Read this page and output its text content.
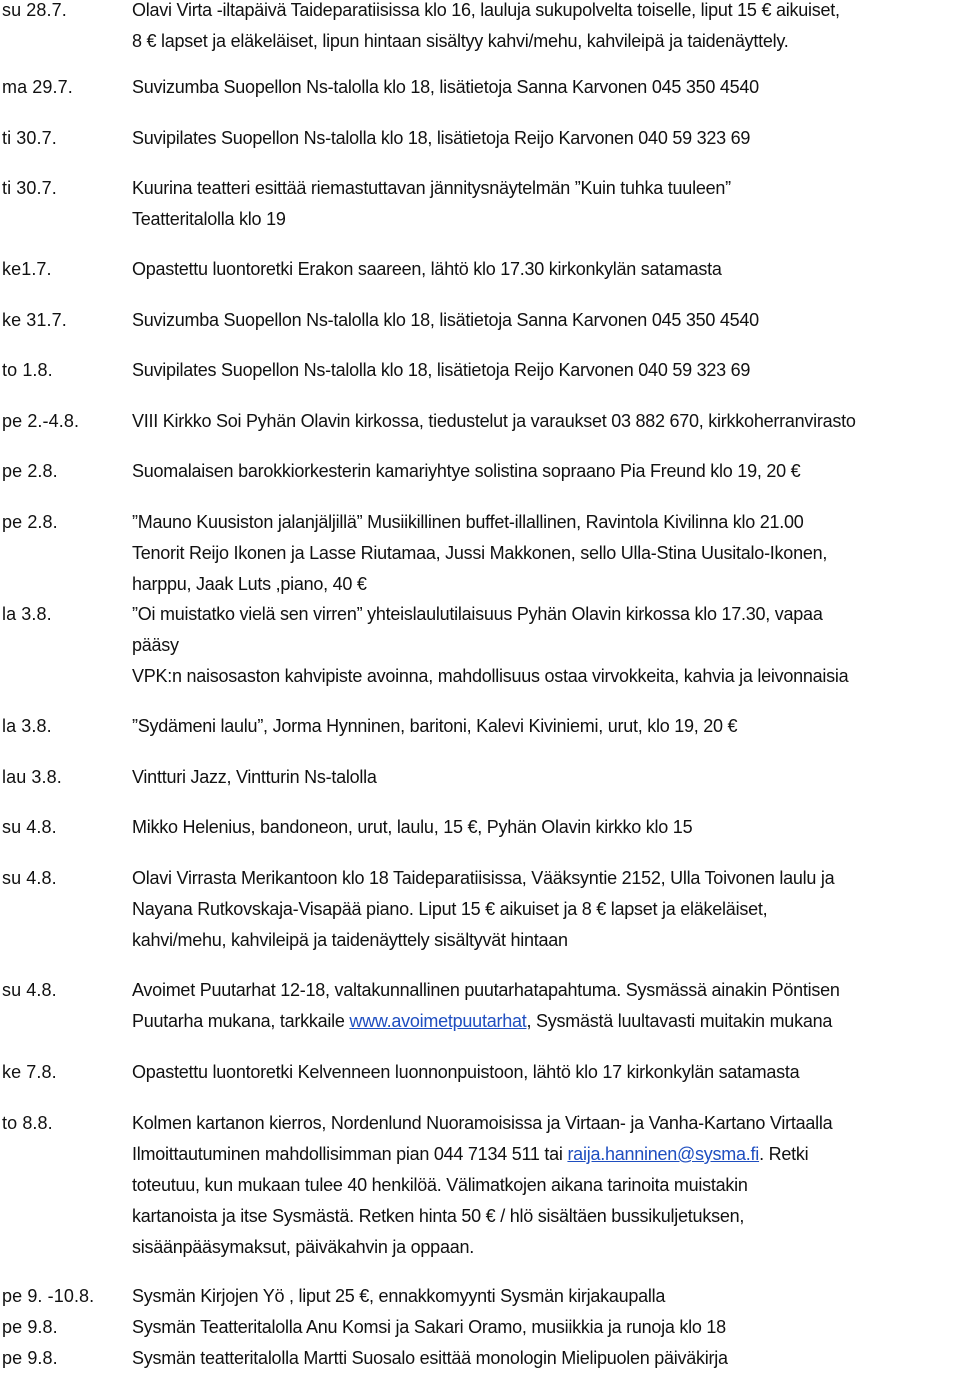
su 28.7.	Olavi Virta -iltapäivä Taideparatiisissa klo 16, lauluja sukupolvelta toiselle, liput 15 € aikuiset,
8 € lapset ja eläkeläiset, lipun hintaan sisältyy kahvi/mehu, kahvileipä ja taidenäyttely.
ma 29.7.	Suvizumba Suopellon Ns-talolla klo 18, lisätietoja Sanna Karvonen 045 350 4540
ti 30.7.	Suvipilates Suopellon Ns-talolla klo 18, lisätietoja Reijo Karvonen 040 59 323 69
ti 30.7.	Kuurina teatteri esittää riemastuttavan jännitysnäytelmän ”Kuin tuhka tuuleen”
Teatteritalolla klo 19
ke1.7.	Opastettu luontoretki Erakon saareen, lähtö klo 17.30 kirkonkylän satamasta
ke 31.7.	Suvizumba Suopellon Ns-talolla klo 18, lisätietoja Sanna Karvonen 045 350 4540
to 1.8.	Suvipilates Suopellon Ns-talolla klo 18, lisätietoja Reijo Karvonen 040 59 323 69
pe 2.-4.8.	VIII Kirkko Soi Pyhän Olavin kirkossa, tiedustelut ja varaukset 03 882 670, kirkkoherranvirasto
pe 2.8.	Suomalaisen barokkiorkesterin kamariyhtye solistina sopraano Pia Freund klo 19, 20 €
pe 2.8.	”Mauno Kuusiston jalanjäljillä” Musiikillinen buffet-illallinen, Ravintola Kivilinna klo 21.00
Tenorit Reijo Ikonen ja Lasse Riutamaa, Jussi Makkonen, sello Ulla-Stina Uusitalo-Ikonen,
harppu, Jaak Luts ,piano, 40 €
la 3.8.	”Oi muistatko vielä sen virren” yhteislaulutilaisuus Pyhän Olavin kirkossa klo 17.30, vapaa
pääsy
VPK:n naisosaston kahvipiste avoinna, mahdollisuus ostaa virvokkeita, kahvia ja leivonnaisia
la 3.8.	”Sydämeni laulu”, Jorma Hynninen, baritoni, Kalevi Kiviniemi, urut, klo 19, 20 €
lau 3.8.	Vintturi Jazz, Vintturin Ns-talolla
su 4.8.	Mikko Helenius, bandoneon, urut, laulu, 15 €, Pyhän Olavin kirkko klo 15
su 4.8.	Olavi Virrasta Merikantoon klo 18 Taideparatiisissa, Vääksyntie 2152, Ulla Toivonen laulu ja
Nayana Rutkovskaja-Visapää piano. Liput 15 € aikuiset ja 8 € lapset ja eläkeläiset,
kahvi/mehu, kahvileipä ja taidenäyttely sisältyvät hintaan
su 4.8.	Avoimet Puutarhat 12-18, valtakunnallinen puutarhatapahtuma. Sysmässä ainakin Pöntisen
Puutarha mukana, tarkkaile www.avoimetpuutarhat, Sysmästä luultavasti muitakin mukana
ke 7.8.	Opastettu luontoretki Kelvenneen luonnonpuistoon, lähtö klo 17 kirkonkylän satamasta
to 8.8.	Kolmen kartanon kierros, Nordenlund Nuoramoisissa ja Virtaan- ja Vanha-Kartano Virtaalla
Ilmoittautuminen mahdollisimman pian 044 7134 511 tai raija.hanninen@sysma.fi. Retki
toteutuu, kun mukaan tulee 40 henkilöä. Välimatkojen aikana tarinoita muistakin
kartanoista ja itse Sysmästä. Retken hinta 50 € / hlö sisältäen bussikuljetuksen,
sisäänpääsymaksut, päiväkahvin ja oppaan.
pe 9. -10.8. Sysmän Kirjojen Yö , liput 25 €, ennakkomyynti Sysmän kirjakaupalla
pe 9.8.	Sysmän Teatteritalolla Anu Komsi ja Sakari Oramo, musiikkia ja runoja klo 18
pe 9.8.	Sysmän teatteritalolla Martti Suosalo esittää monologin Mielipuolen päiväkirja
